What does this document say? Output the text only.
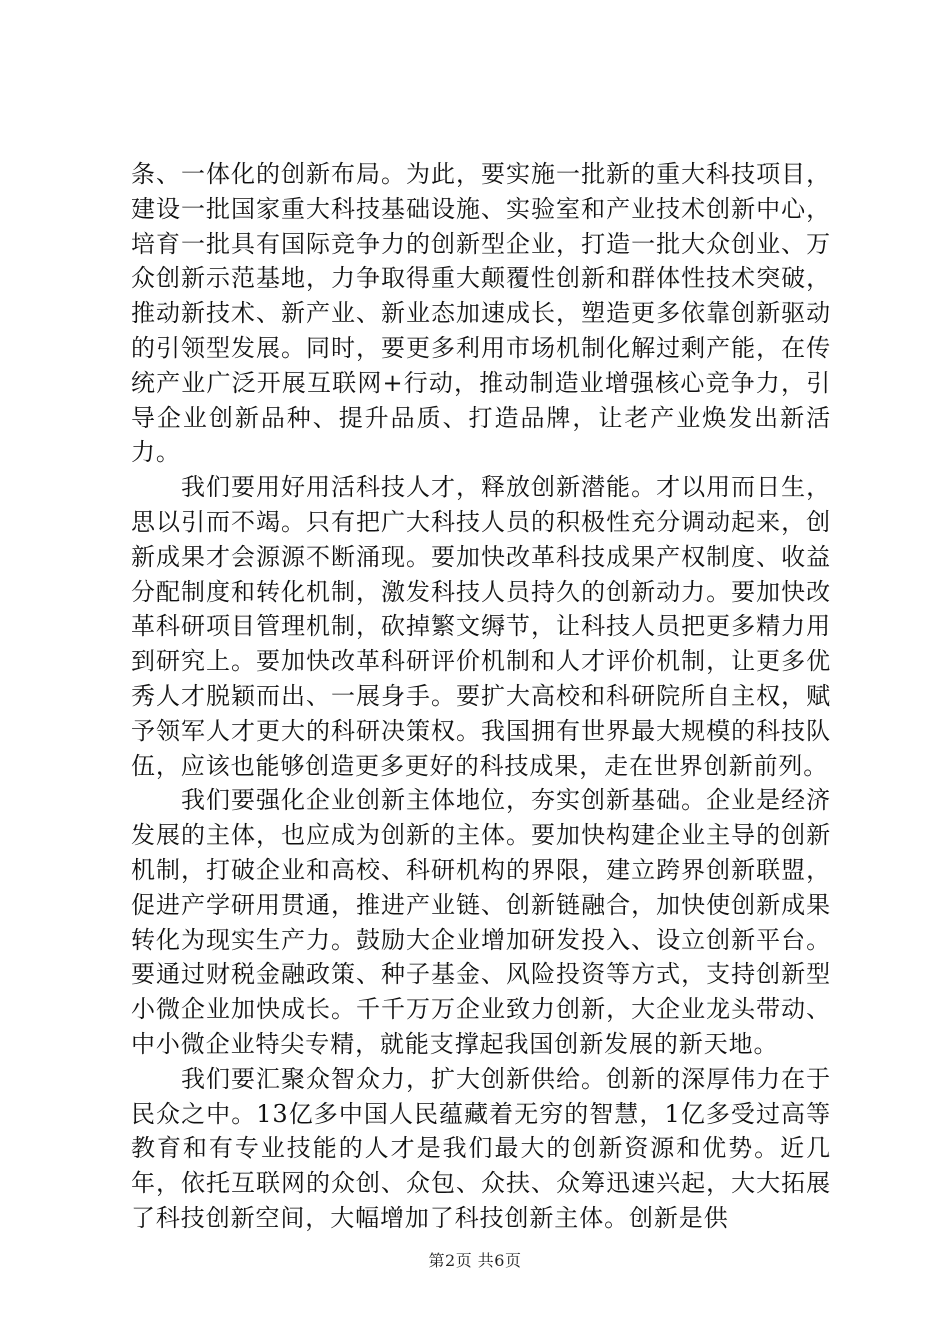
条、一体化的创新布局。为此，要实施一批新的重大科技项目，建设一批国家重大科技基础设施、实验室和产业技术创新中心，培育一批具有国际竞争力的创新型企业，打造一批大众创业、万众创新示范基地，力争取得重大颠覆性创新和群体性技术突破，推动新技术、新产业、新业态加速成长，塑造更多依靠创新驱动的引领型发展。同时，要更多利用市场机制化解过剩产能，在传统产业广泛开展互联网+行动，推动制造业增强核心竞争力，引导企业创新品种、提升品质、打造品牌，让老产业焕发出新活力。

我们要用好用活科技人才，释放创新潜能。才以用而日生，思以引而不竭。只有把广大科技人员的积极性充分调动起来，创新成果才会源源不断涌现。要加快改革科技成果产权制度、收益分配制度和转化机制，激发科技人员持久的创新动力。要加快改革科研项目管理机制，砍掉繁文缛节，让科技人员把更多精力用到研究上。要加快改革科研评价机制和人才评价机制，让更多优秀人才脱颖而出、一展身手。要扩大高校和科研院所自主权，赋予领军人才更大的科研决策权。我国拥有世界最大规模的科技队伍，应该也能够创造更多更好的科技成果，走在世界创新前列。

我们要强化企业创新主体地位，夯实创新基础。企业是经济发展的主体，也应成为创新的主体。要加快构建企业主导的创新机制，打破企业和高校、科研机构的界限，建立跨界创新联盟，促进产学研用贯通，推进产业链、创新链融合，加快使创新成果转化为现实生产力。鼓励大企业增加研发投入、设立创新平台。要通过财税金融政策、种子基金、风险投资等方式，支持创新型小微企业加快成长。千千万万企业致力创新，大企业龙头带动、中小微企业特尖专精，就能支撑起我国创新发展的新天地。

我们要汇聚众智众力，扩大创新供给。创新的深厚伟力在于民众之中。13亿多中国人民蕴藏着无穷的智慧，1亿多受过高等教育和有专业技能的人才是我们最大的创新资源和优势。近几年，依托互联网的众创、众包、众扶、众筹迅速兴起，大大拓展了科技创新空间，大幅增加了科技创新主体。创新是供

第2页 共6页
